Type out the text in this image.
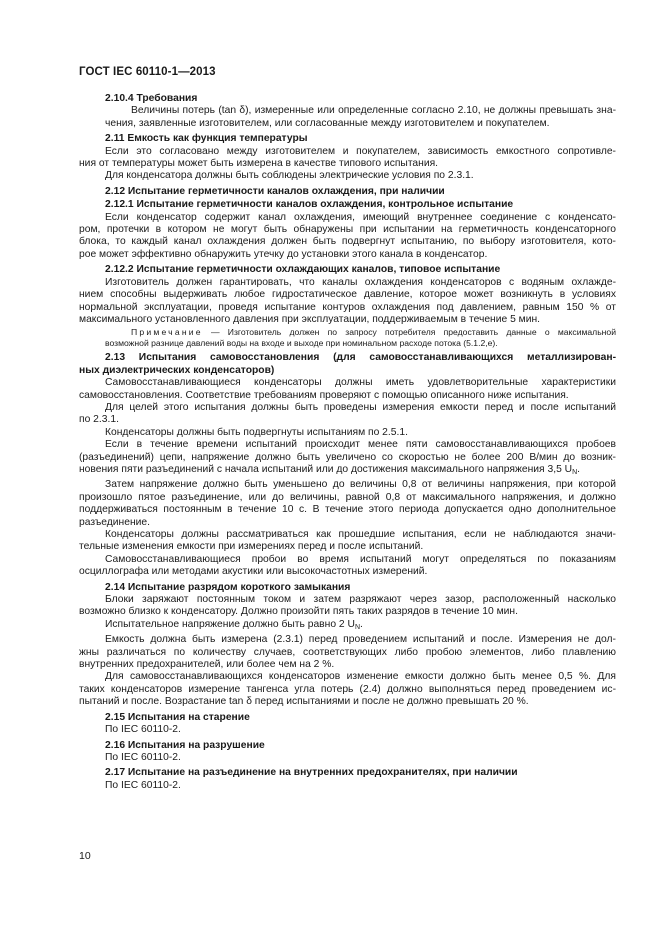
ГОСТ IEC 60110-1—2013
2.10.4 Требования
Величины потерь (tan δ), измеренные или определенные согласно 2.10, не должны превышать зна-
чения, заявленные изготовителем, или согласованные между изготовителем и покупателем.
2.11 Емкость как функция температуры
Если это согласовано между изготовителем и покупателем, зависимость емкостного сопротивле-
ния от температуры может быть измерена в качестве типового испытания.
Для конденсатора должны быть соблюдены электрические условия по 2.3.1.
2.12 Испытание герметичности каналов охлаждения, при наличии
2.12.1 Испытание герметичности каналов охлаждения, контрольное испытание
Если конденсатор содержит канал охлаждения, имеющий внутреннее соединение с конденсато-
ром, протечки в котором не могут быть обнаружены при испытании на герметичность конденсаторного
блока, то каждый канал охлаждения должен быть подвергнут испытанию, по выбору изготовителя, кото-
рое может эффективно обнаружить утечку до установки этого канала в конденсатор.
2.12.2 Испытание герметичности охлаждающих каналов, типовое испытание
Изготовитель должен гарантировать, что каналы охлаждения конденсаторов с водяным охлажде-
нием способны выдерживать любое гидростатическое давление, которое может возникнуть в условиях
нормальной эксплуатации, проведя испытание контуров охлаждения под давлением, равным 150 % от
максимального установленного давления при эксплуатации, поддерживаемым в течение 5 мин.
Примечание — Изготовитель должен по запросу потребителя предоставить данные о максимальной
возможной разнице давлений воды на входе и выходе при номинальном расходе потока (5.1.2,е).
2.13 Испытания самовосстановления (для самовосстанавливающихся металлизирован-
ных диэлектрических конденсаторов)
Самовосстанавливающиеся конденсаторы должны иметь удовлетворительные характеристики
самовосстановления. Соответствие требованиям проверяют с помощью описанного ниже испытания.
Для целей этого испытания должны быть проведены измерения емкости перед и после испытаний
по 2.3.1.
Конденсаторы должны быть подвергнуты испытаниям по 2.5.1.
Если в течение времени испытаний происходит менее пяти самовосстанавливающихся пробоев
(разъединений) цепи, напряжение должно быть увеличено со скоростью не более 200 В/мин до возник-
новения пяти разъединений с начала испытаний или до достижения максимального напряжения 3,5 $U_N$.
Затем напряжение должно быть уменьшено до величины 0,8 от величины напряжения, при которой
произошло пятое разъединение, или до величины, равной 0,8 от максимального напряжения, и должно
поддерживаться постоянным в течение 10 с. В течение этого периода допускается одно дополнительное
разъединение.
Конденсаторы должны рассматриваться как прошедшие испытания, если не наблюдаются значи-
тельные изменения емкости при измерениях перед и после испытаний.
Самовосстанавливающиеся пробои во время испытаний могут определяться по показаниям
осциллографа или методами акустики или высокочастотных измерений.
2.14 Испытание разрядом короткого замыкания
Блоки заряжают постоянным током и затем разряжают через зазор, расположенный насколько
возможно близко к конденсатору. Должно произойти пять таких разрядов в течение 10 мин.
Испытательное напряжение должно быть равно 2 $U_N$.
Емкость должна быть измерена (2.3.1) перед проведением испытаний и после. Измерения не дол-
жны различаться по количеству случаев, соответствующих либо пробою элементов, либо плавлению
внутренних предохранителей, или более чем на 2 %.
Для самовосстанавливающихся конденсаторов изменение емкости должно быть менее 0,5 %. Для
таких конденсаторов измерение тангенса угла потерь (2.4) должно выполняться перед проведением ис-
пытаний и после. Возрастание tan δ перед испытаниями и после не должно превышать 20 %.
2.15 Испытания на старение
По IEC 60110-2.
2.16 Испытания на разрушение
По IEC 60110-2.
2.17 Испытание на разъединение на внутренних предохранителях, при наличии
По IEC 60110-2.
10
